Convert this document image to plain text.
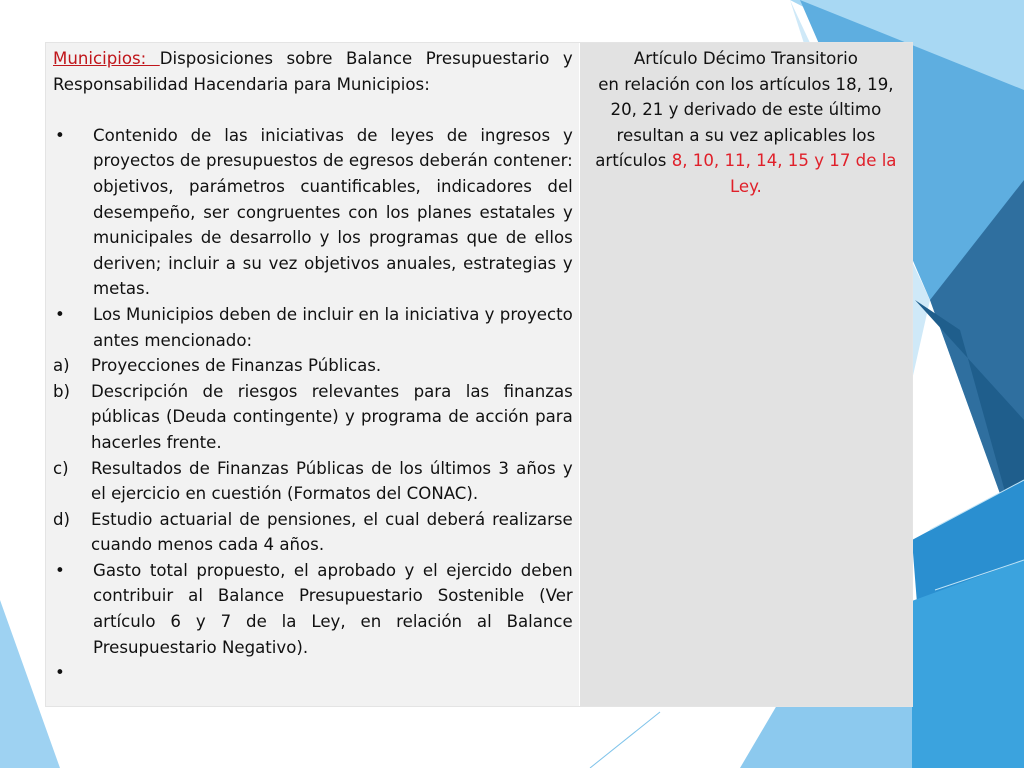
Municipios: Disposiciones sobre Balance Presupuestario y Responsabilidad Hacendaria para Municipios:

•	Contenido de las iniciativas de leyes de ingresos y proyectos de presupuestos de egresos deberán contener: objetivos, parámetros cuantificables, indicadores del desempeño, ser congruentes con los planes estatales y municipales de desarrollo y los programas que de ellos deriven; incluir a su vez objetivos anuales, estrategias y metas.
•	Los Municipios deben de incluir en la iniciativa y proyecto antes mencionado:
a)	Proyecciones de Finanzas Públicas.
b)	Descripción de riesgos relevantes para las finanzas públicas (Deuda contingente) y programa de acción para hacerles frente.
c)	Resultados de Finanzas Públicas de los últimos 3 años y el ejercicio en cuestión (Formatos del CONAC).
d)	Estudio actuarial de pensiones, el cual deberá realizarse cuando menos cada 4 años.
•	Gasto total propuesto, el aprobado y el ejercido deben contribuir al Balance Presupuestario Sostenible (Ver artículo 6 y 7 de la Ley, en relación al Balance Presupuestario Negativo).
•

Artículo Décimo Transitorio

en relación con los artículos 18, 19, 20, 21 y derivado de este último resultan a su vez aplicables los artículos 8, 10, 11, 14, 15 y 17 de la Ley.
